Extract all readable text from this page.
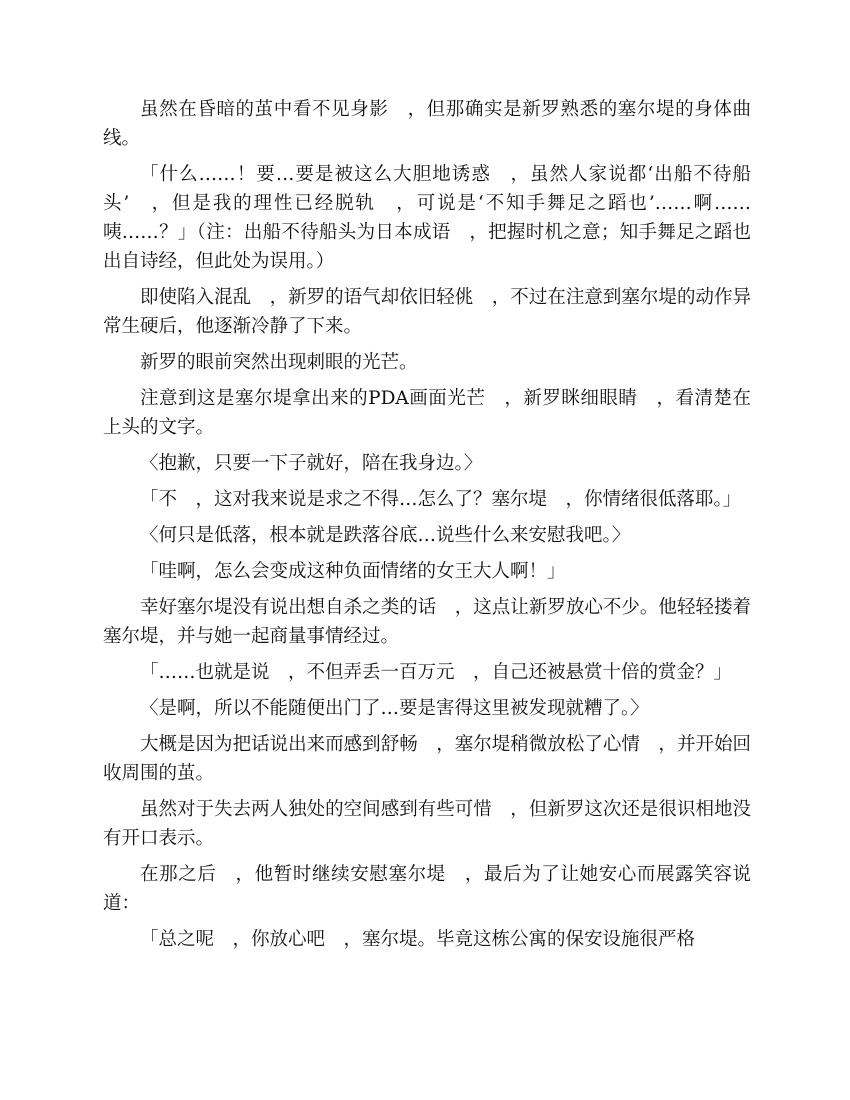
虽然在昏暗的茧中看不见身影　，但那确实是新罗熟悉的塞尔堤的身体曲线。

「什么……！要…要是被这么大胆地诱惑　，虽然人家说都‘出船不待船头’　，但是我的理性已经脱轨　，可说是‘不知手舞足之蹈也’……啊……咦……？」（注：出船不待船头为日本成语　，把握时机之意；知手舞足之蹈也出自诗经，但此处为误用。）

即使陷入混乱　，新罗的语气却依旧轻佻　，不过在注意到塞尔堤的动作异常生硬后，他逐渐冷静了下来。

新罗的眼前突然出现刺眼的光芒。

注意到这是塞尔堤拿出来的PDA画面光芒　，新罗眯细眼睛　，看清楚在上头的文字。

〈抱歉，只要一下子就好，陪在我身边。〉

「不　，这对我来说是求之不得…怎么了？塞尔堤　，你情绪很低落耶。」

〈何只是低落，根本就是跌落谷底…说些什么来安慰我吧。〉

「哇啊，怎么会变成这种负面情绪的女王大人啊！」

幸好塞尔堤没有说出想自杀之类的话　，这点让新罗放心不少。他轻轻搂着塞尔堤，并与她一起商量事情经过。

「……也就是说　，不但弄丢一百万元　，自己还被悬赏十倍的赏金？」

〈是啊，所以不能随便出门了…要是害得这里被发现就糟了。〉

大概是因为把话说出来而感到舒畅　，塞尔堤稍微放松了心情　，并开始回收周围的茧。

虽然对于失去两人独处的空间感到有些可惜　，但新罗这次还是很识相地没有开口表示。

在那之后　，他暂时继续安慰塞尔堤　，最后为了让她安心而展露笑容说道：

「总之呢　，你放心吧　，塞尔堤。毕竟这栋公寓的保安设施很严格
